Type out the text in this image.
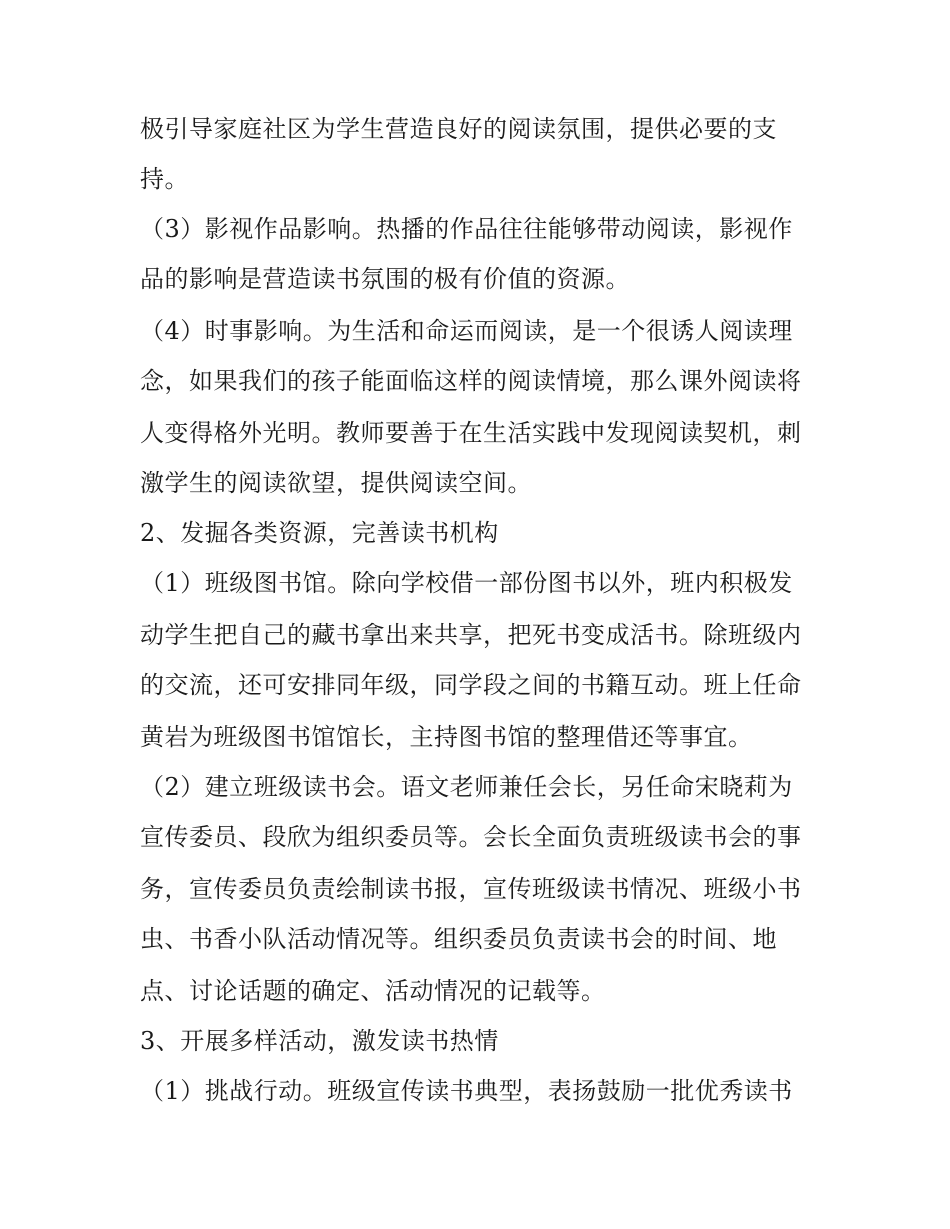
极引导家庭社区为学生营造良好的阅读氛围，提供必要的支
持。
（3）影视作品影响。热播的作品往往能够带动阅读，影视作
品的影响是营造读书氛围的极有价值的资源。
（4）时事影响。为生活和命运而阅读，是一个很诱人阅读理
念，如果我们的孩子能面临这样的阅读情境，那么课外阅读将
人变得格外光明。教师要善于在生活实践中发现阅读契机，刺
激学生的阅读欲望，提供阅读空间。
2、发掘各类资源，完善读书机构
（1）班级图书馆。除向学校借一部份图书以外，班内积极发
动学生把自己的藏书拿出来共享，把死书变成活书。除班级内
的交流，还可安排同年级，同学段之间的书籍互动。班上任命
黄岩为班级图书馆馆长，主持图书馆的整理借还等事宜。
（2）建立班级读书会。语文老师兼任会长，另任命宋晓莉为
宣传委员、段欣为组织委员等。会长全面负责班级读书会的事
务，宣传委员负责绘制读书报，宣传班级读书情况、班级小书
虫、书香小队活动情况等。组织委员负责读书会的时间、地
点、讨论话题的确定、活动情况的记载等。
3、开展多样活动，激发读书热情
（1）挑战行动。班级宣传读书典型，表扬鼓励一批优秀读书
